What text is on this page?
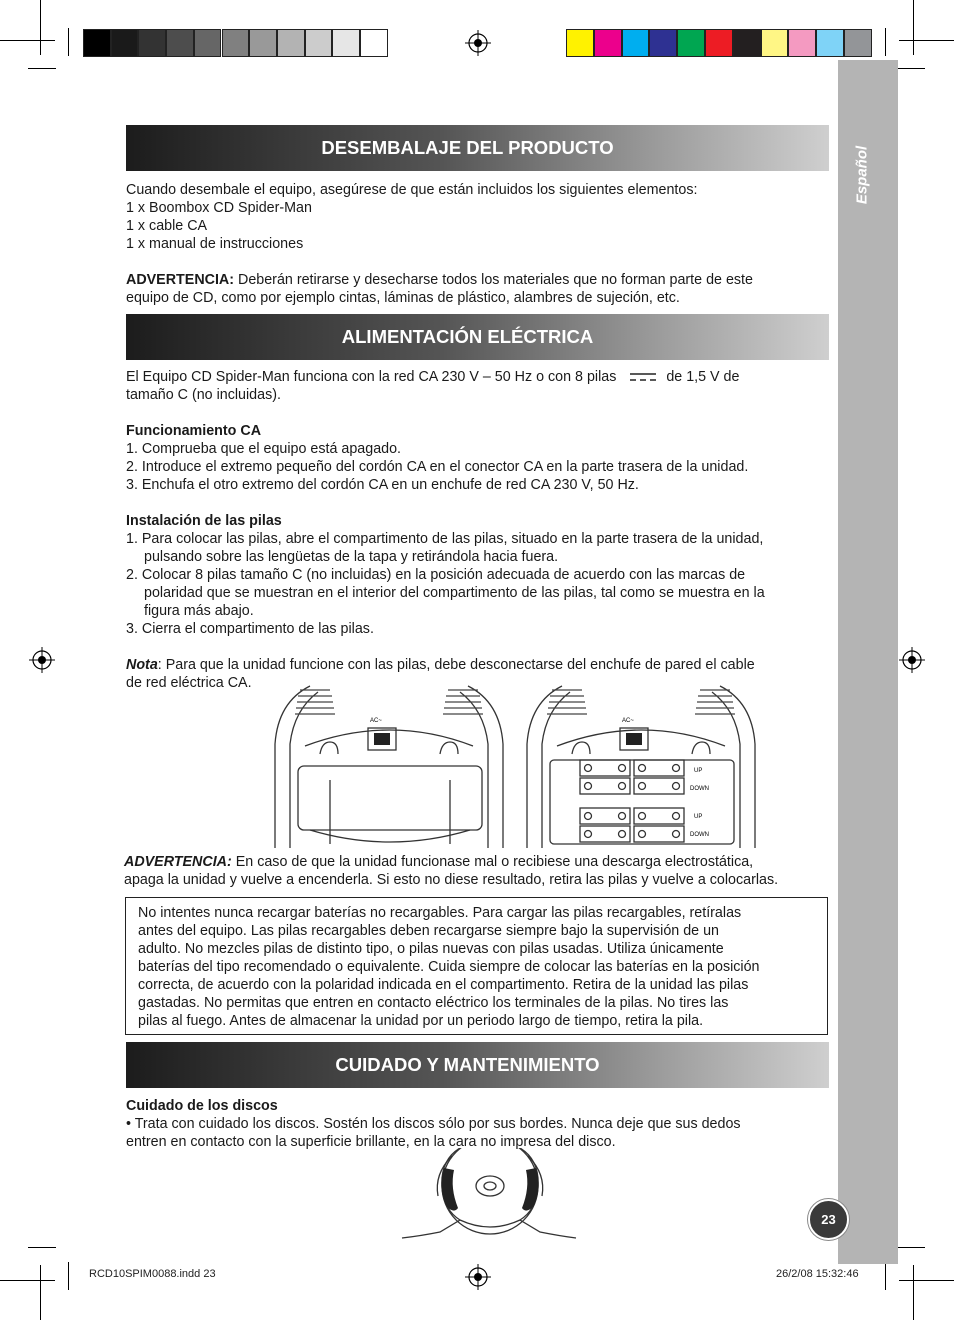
Español
DESEMBALAJE DEL PRODUCTO
Cuando desembale el equipo, asegúrese de que están incluidos los siguientes elementos:
1 x Boombox CD Spider-Man
1 x cable CA
1 x manual de instrucciones
ADVERTENCIA: Deberán retirarse y desecharse todos los materiales que no forman parte de este
equipo de CD, como por ejemplo cintas, láminas de plástico, alambres de sujeción, etc.
ALIMENTACIÓN ELÉCTRICA
El Equipo CD Spider-Man funciona con la red CA 230 V – 50 Hz o con 8 pilas	de 1,5 V de
tamaño C (no incluidas).
Funcionamiento CA
1. Comprueba que el equipo está apagado.
2. Introduce el extremo pequeño del cordón CA en el conector CA en la parte trasera de la unidad.
3. Enchufa el otro extremo del cordón CA en un enchufe de red CA 230 V, 50 Hz.
Instalación de las pilas
1. Para colocar las pilas, abre el compartimento de las pilas, situado en la parte trasera de la unidad,
pulsando sobre las lengüetas de la tapa y retirándola hacia fuera.
2. Colocar 8 pilas tamaño C (no incluidas) en la posición adecuada de acuerdo con las marcas de
polaridad que se muestran en el interior del compartimento de las pilas, tal como se muestra en la
figura más abajo.
3. Cierra el compartimento de las pilas.
Nota: Para que la unidad funcione con las pilas, debe desconectarse del enchufe de pared el cable
de red eléctrica CA.
AC~	AC~
UP
DOWN
UP
DOWN
ADVERTENCIA: En caso de que la unidad funcionase mal o recibiese una descarga electrostática,
apaga la unidad y vuelve a encenderla. Si esto no diese resultado, retira las pilas y vuelve a colocarlas.
No intentes nunca recargar baterías no recargables. Para cargar las pilas recargables, retíralas
antes del equipo. Las pilas recargables deben recargarse siempre bajo la supervisión de un
adulto. No mezcles pilas de distinto tipo, o pilas nuevas con pilas usadas. Utiliza únicamente
baterías del tipo recomendado o equivalente. Cuida siempre de colocar las baterías en la posición
correcta, de acuerdo con la polaridad indicada en el compartimento. Retira de la unidad las pilas
gastadas. No permitas que entren en contacto eléctrico los terminales de la pilas. No tires las
pilas al fuego. Antes de almacenar la unidad por un periodo largo de tiempo, retira la pila.
CUIDADO Y MANTENIMIENTO
Cuidado de los discos
• Trata con cuidado los discos. Sostén los discos sólo por sus bordes. Nunca deje que sus dedos
entren en contacto con la superficie brillante, en la cara no impresa del disco.
23
RCD10SPIM0088.indd 23	26/2/08 15:32:46
